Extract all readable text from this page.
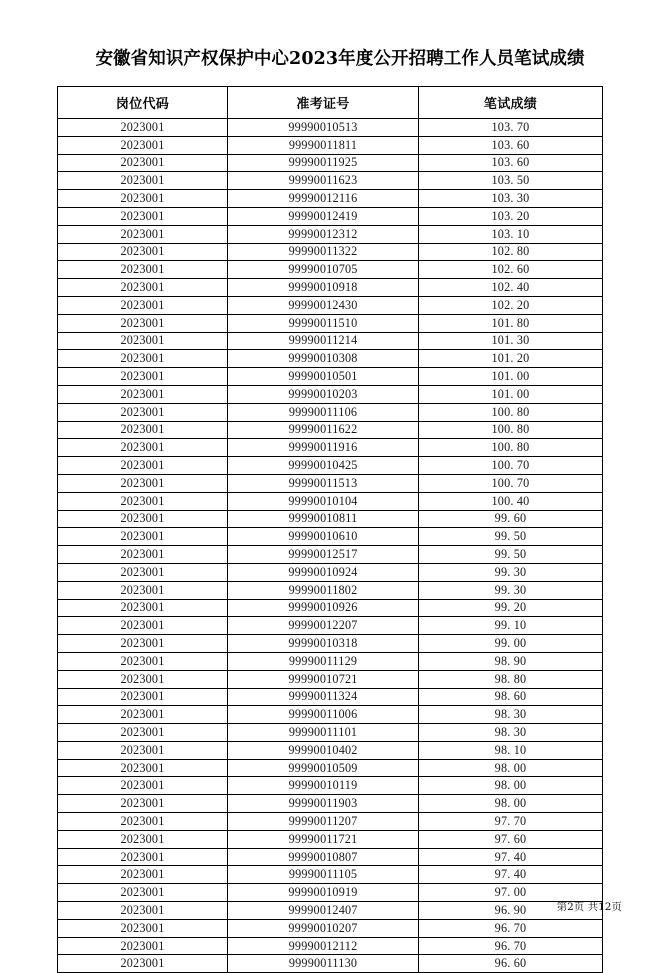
安徽省知识产权保护中心2023年度公开招聘工作人员笔试成绩
岗位代码	准考证号	笔试成绩
2023001	99990010513	103. 70
2023001	99990011811	103. 60
2023001	99990011925	103. 60
2023001	99990011623	103. 50
2023001	99990012116	103. 30
2023001	99990012419	103. 20
2023001	99990012312	103. 10
2023001	99990011322	102. 80
2023001	99990010705	102. 60
2023001	99990010918	102. 40
2023001	99990012430	102. 20
2023001	99990011510	101. 80
2023001	99990011214	101. 30
2023001	99990010308	101. 20
2023001	99990010501	101. 00
2023001	99990010203	101. 00
2023001	99990011106	100. 80
2023001	99990011622	100. 80
2023001	99990011916	100. 80
2023001	99990010425	100. 70
2023001	99990011513	100. 70
2023001	99990010104	100. 40
2023001	99990010811	99. 60
2023001	99990010610	99. 50
2023001	99990012517	99. 50
2023001	99990010924	99. 30
2023001	99990011802	99. 30
2023001	99990010926	99. 20
2023001	99990012207	99. 10
2023001	99990010318	99. 00
2023001	99990011129	98. 90
2023001	99990010721	98. 80
2023001	99990011324	98. 60
2023001	99990011006	98. 30
2023001	99990011101	98. 30
2023001	99990010402	98. 10
2023001	99990010509	98. 00
2023001	99990010119	98. 00
2023001	99990011903	98. 00
2023001	99990011207	97. 70
2023001	99990011721	97. 60
2023001	99990010807	97. 40
2023001	99990011105	97. 40
2023001	99990010919	97. 00
2023001	99990012407	96. 90
2023001	99990010207	96. 70
2023001	99990012112	96. 70
2023001	99990011130	96. 60
第2页 共12页
